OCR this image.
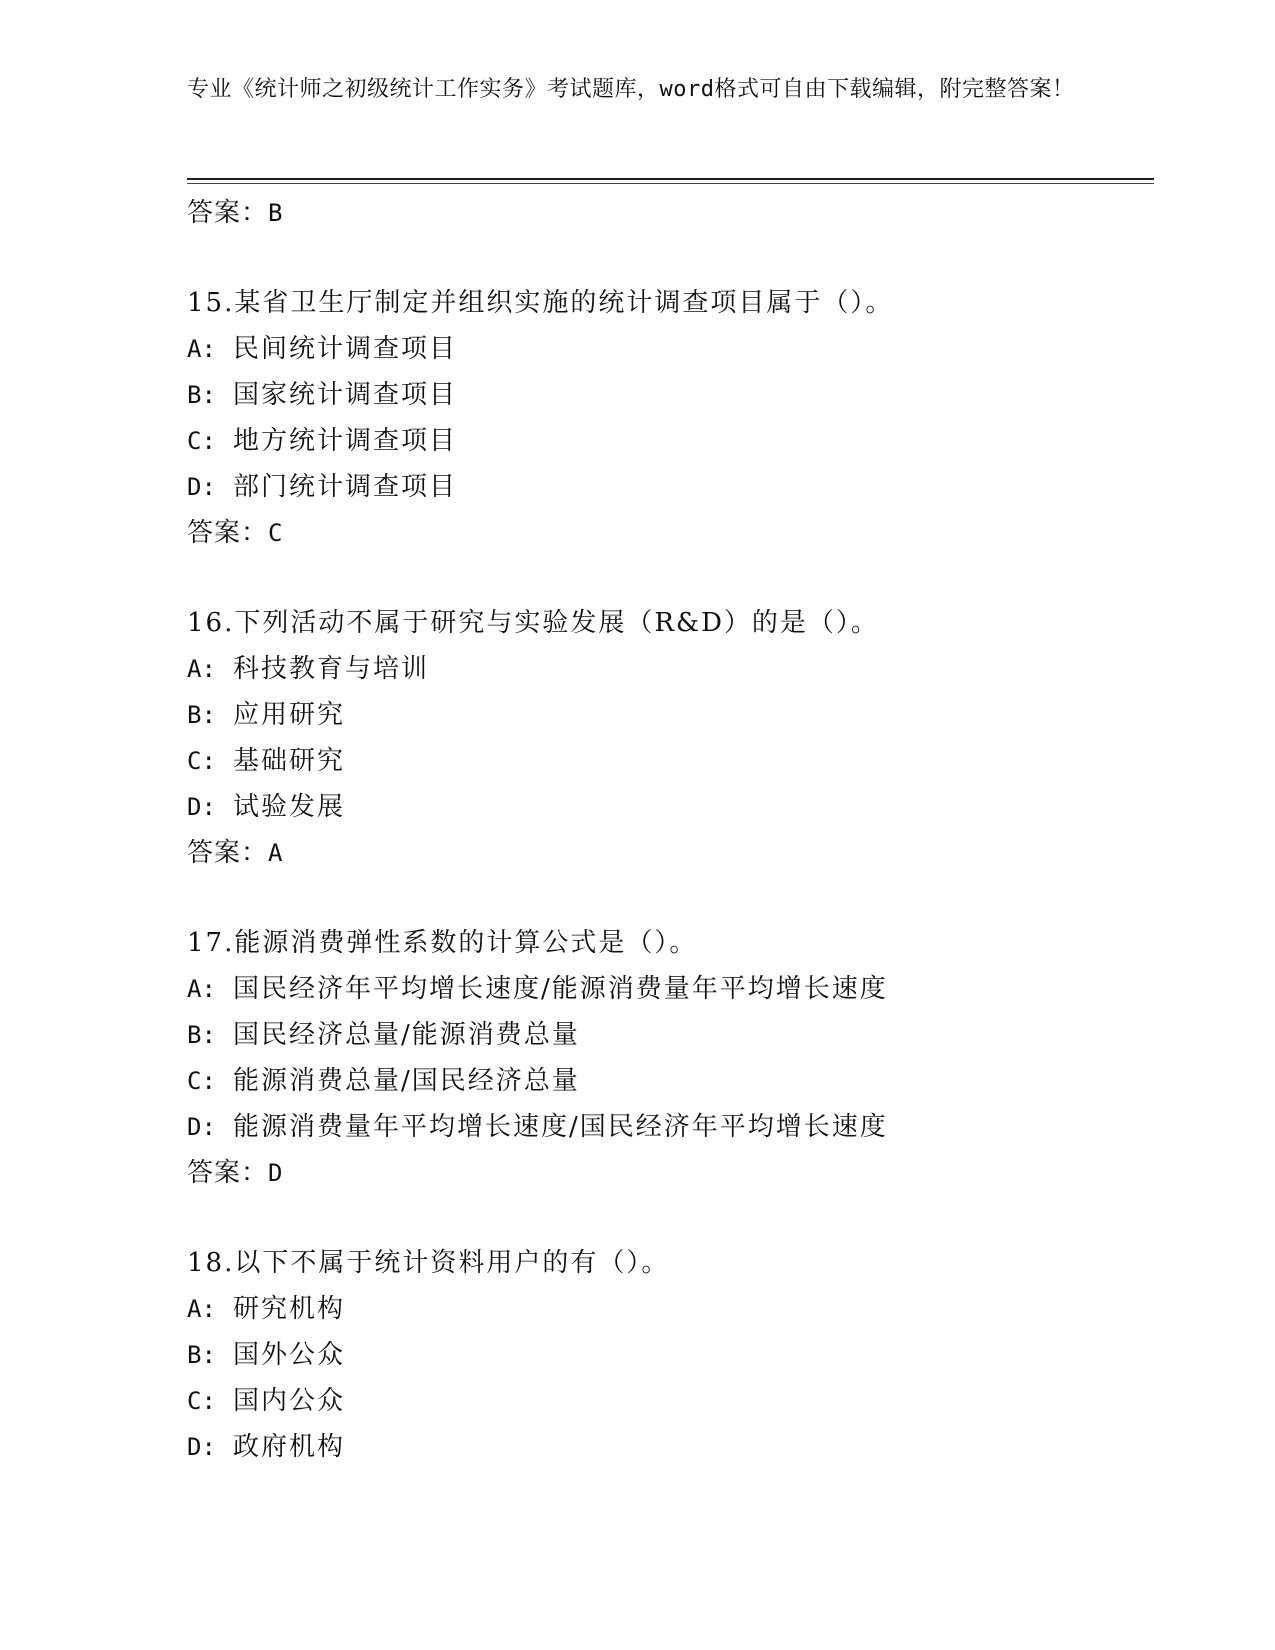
专业《统计师之初级统计工作实务》考试题库，word格式可自由下载编辑，附完整答案！
答案：B
15.某省卫生厅制定并组织实施的统计调查项目属于（）。
A: 民间统计调查项目
B: 国家统计调查项目
C: 地方统计调查项目
D: 部门统计调查项目
答案：C
16.下列活动不属于研究与实验发展（R&D）的是（）。
A: 科技教育与培训
B: 应用研究
C: 基础研究
D: 试验发展
答案：A
17.能源消费弹性系数的计算公式是（）。
A: 国民经济年平均增长速度/能源消费量年平均增长速度
B: 国民经济总量/能源消费总量
C: 能源消费总量/国民经济总量
D: 能源消费量年平均增长速度/国民经济年平均增长速度
答案：D
18.以下不属于统计资料用户的有（）。
A: 研究机构
B: 国外公众
C: 国内公众
D: 政府机构
